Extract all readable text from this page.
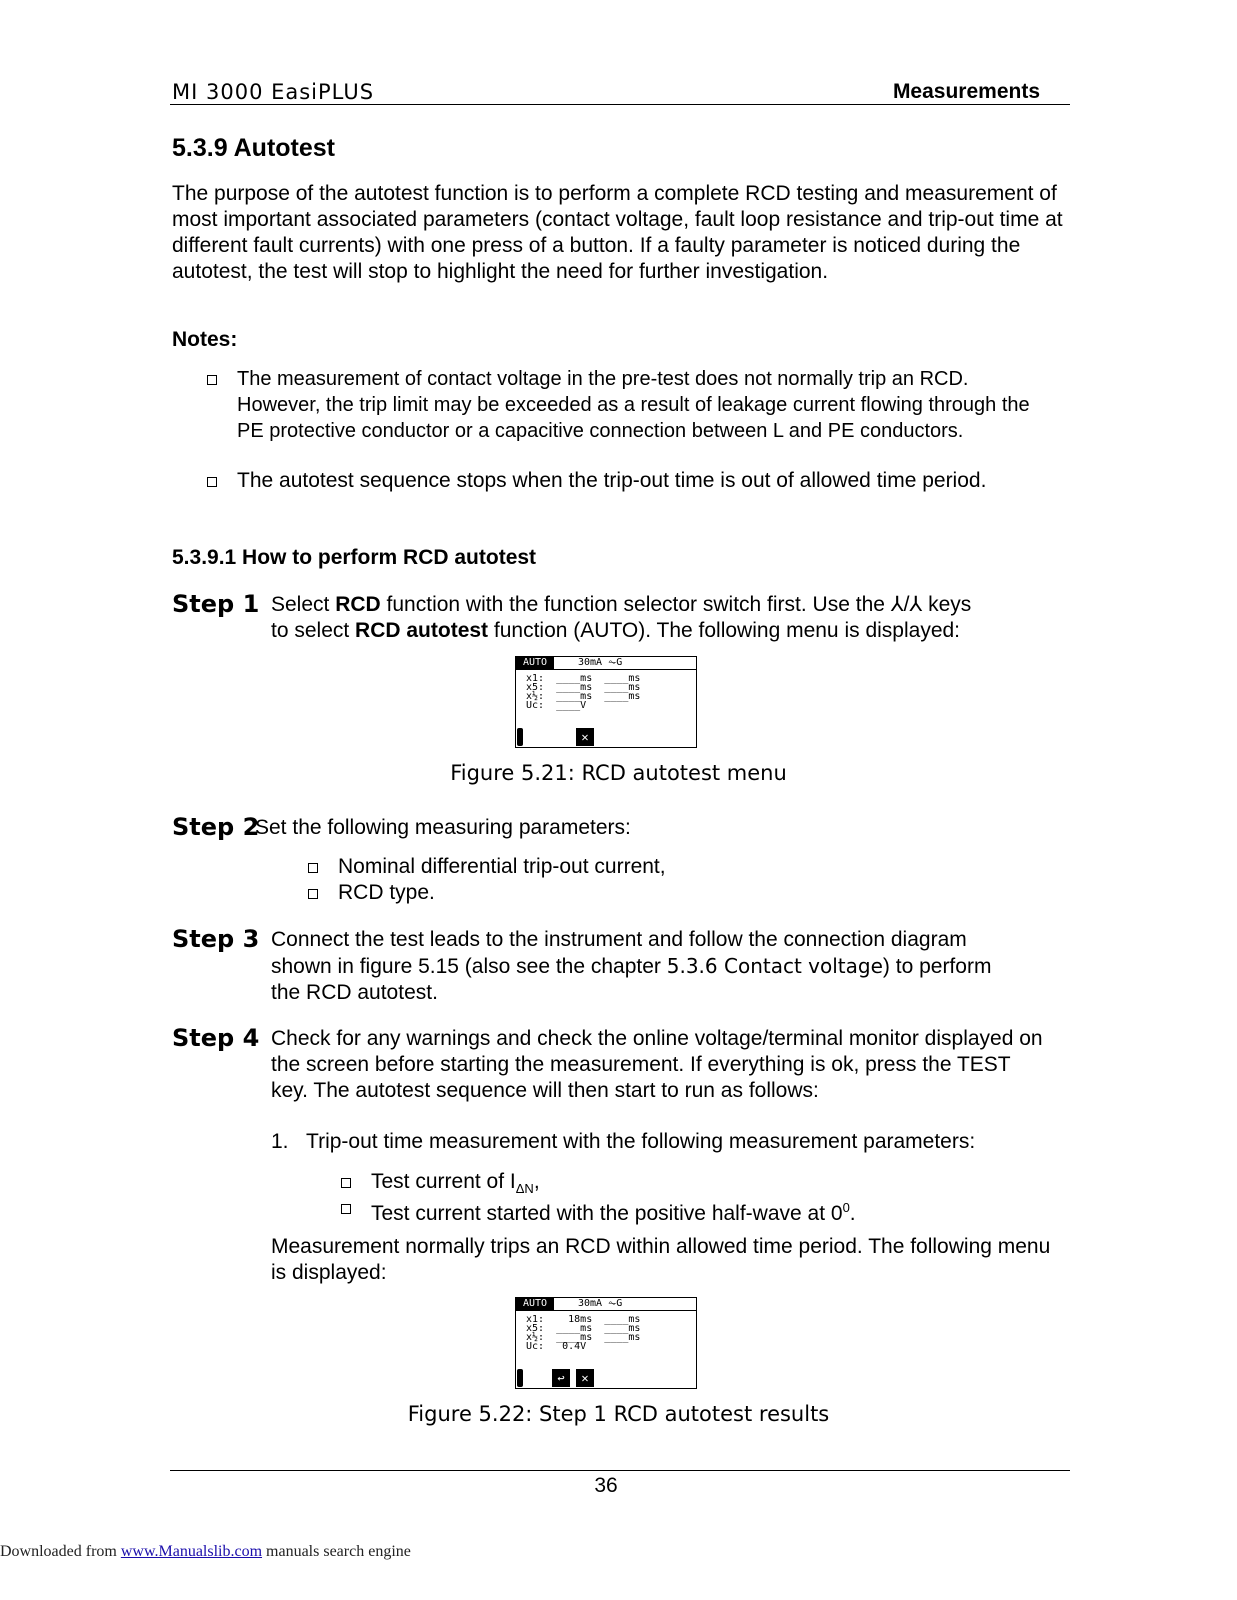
MI 3000 EasiPLUS	Measurements
5.3.9 Autotest

The purpose of the autotest function is to perform a complete RCD testing and measurement of most important associated parameters (contact voltage, fault loop resistance and trip-out time at different fault currents) with one press of a button. If a faulty parameter is noticed during the autotest, the test will stop to highlight the need for further investigation.

Notes:
The measurement of contact voltage in the pre-test does not normally trip an RCD. However, the trip limit may be exceeded as a result of leakage current flowing through the PE protective conductor or a capacitive connection between L and PE conductors.
The autotest sequence stops when the trip-out time is out of allowed time period.
5.3.9.1 How to perform RCD autotest
Step 1 Select RCD function with the function selector switch first. Use the ⅄/⅄ keys
to select RCD autotest function (AUTO). The following menu is displayed:
AUTO	30mA ⏦G
x1:  ____ms  ____ms
x5:  ____ms  ____ms
x½:  ____ms  ____ms
Uc:  ____V
✕
Figure 5.21: RCD autotest menu
Step 2
Set the following measuring parameters:
Nominal differential trip-out current,
RCD type.
Step 3 Connect the test leads to the instrument and follow the connection diagram
shown in figure 5.15 (also see the chapter 5.3.6 Contact voltage) to perform
the RCD autotest.
Step 4 Check for any warnings and check the online voltage/terminal monitor displayed on the screen before starting the measurement. If everything is ok, press the TEST key. The autotest sequence will then start to run as follows:
1. Trip-out time measurement with the following measurement parameters:
Test current of $I_{\Delta N}$,
Test current started with the positive half-wave at $0^0$.
Measurement normally trips an RCD within allowed time period. The following menu is displayed:
AUTO	30mA ⏦G
x1:    18ms  ____ms
x5:  ____ms  ____ms
x½:  ____ms  ____ms
Uc:   0.4V
↩	✕
Figure 5.22: Step 1 RCD autotest results
36
Downloaded from www.Manualslib.com manuals search engine
